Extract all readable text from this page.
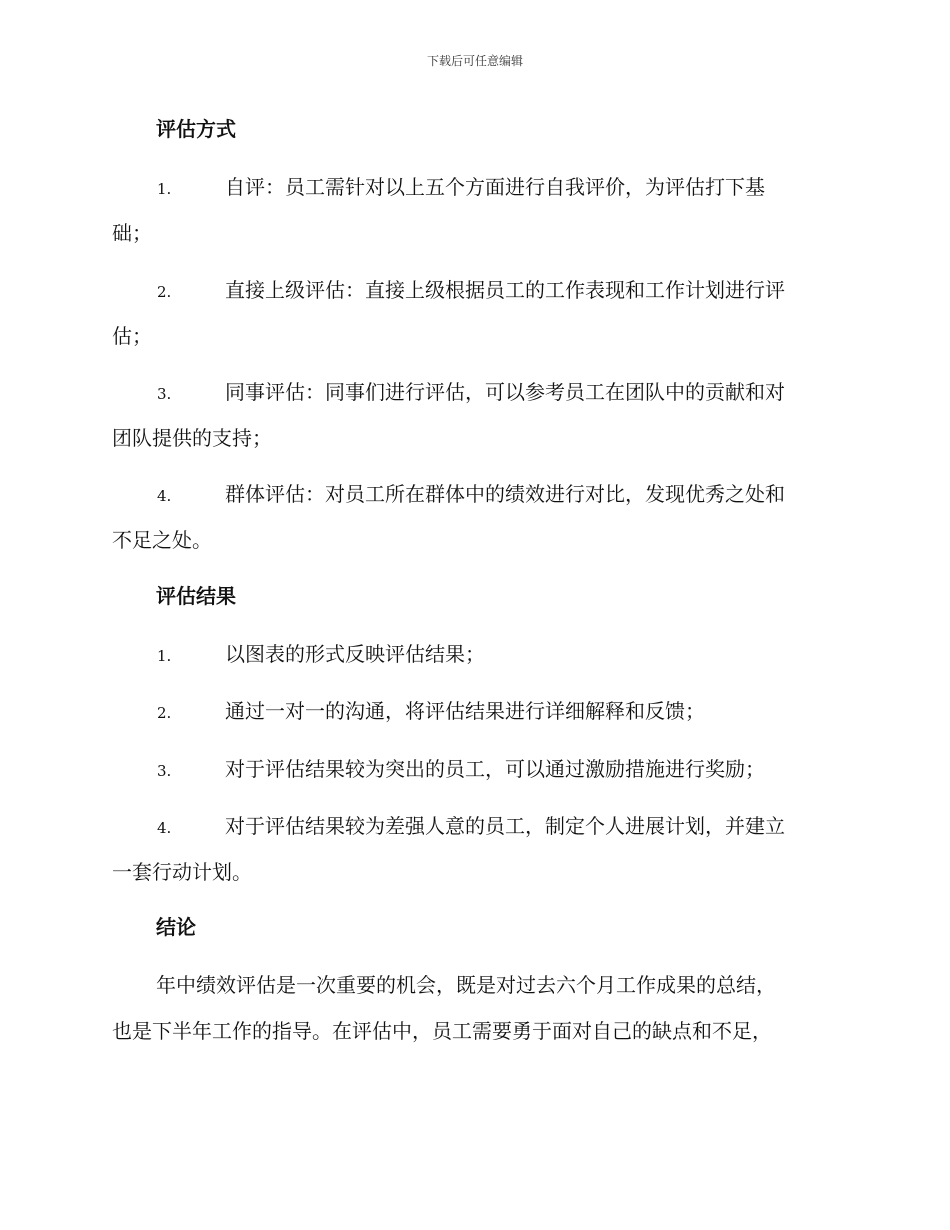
下载后可任意编辑
评估方式
1.	自评：员工需针对以上五个方面进行自我评价，为评估打下基
础；
2.	直接上级评估：直接上级根据员工的工作表现和工作计划进行评
估；
3.	同事评估：同事们进行评估，可以参考员工在团队中的贡献和对
团队提供的支持；
4.	群体评估：对员工所在群体中的绩效进行对比，发现优秀之处和
不足之处。
评估结果
1.	以图表的形式反映评估结果；
2.	通过一对一的沟通，将评估结果进行详细解释和反馈；
3.	对于评估结果较为突出的员工，可以通过激励措施进行奖励；
4.	对于评估结果较为差强人意的员工，制定个人进展计划，并建立
一套行动计划。
结论
年中绩效评估是一次重要的机会，既是对过去六个月工作成果的总结，
也是下半年工作的指导。在评估中，员工需要勇于面对自己的缺点和不足，
